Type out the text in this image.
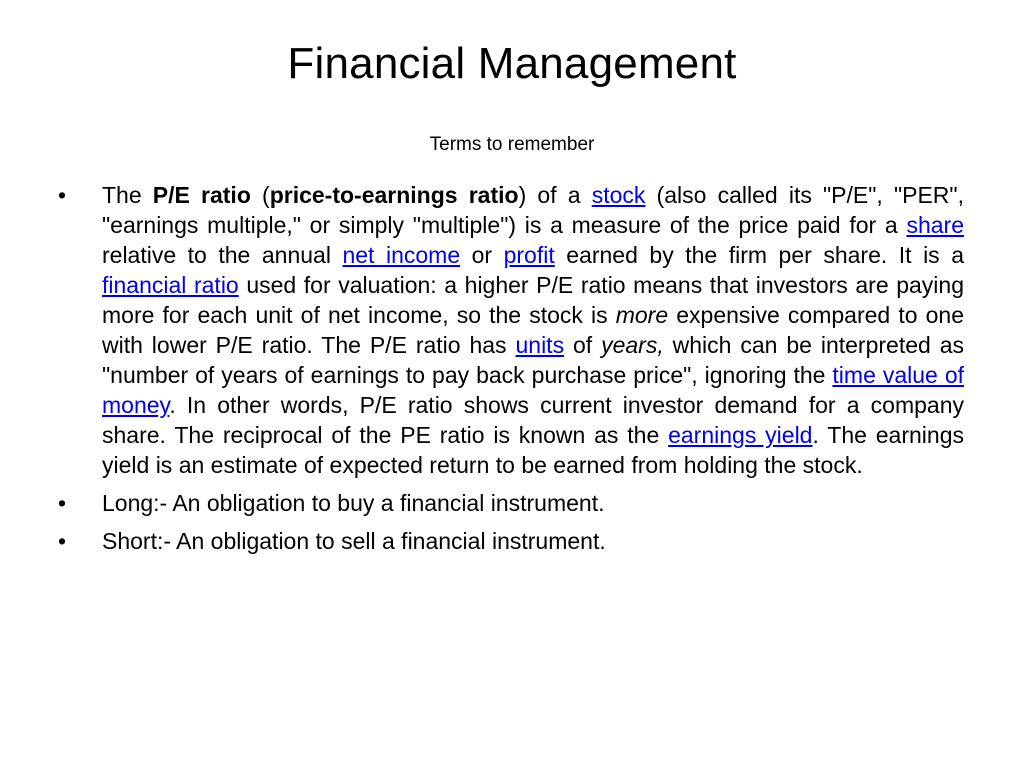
Financial Management
Terms to remember
•	The P/E ratio (price-to-earnings ratio) of a stock (also called its "P/E", "PER", "earnings multiple," or simply "multiple") is a measure of the price paid for a share relative to the annual net income or profit earned by the firm per share. It is a financial ratio used for valuation: a higher P/E ratio means that investors are paying more for each unit of net income, so the stock is more expensive compared to one with lower P/E ratio. The P/E ratio has units of years, which can be interpreted as "number of years of earnings to pay back purchase price", ignoring the time value of money. In other words, P/E ratio shows current investor demand for a company share. The reciprocal of the PE ratio is known as the earnings yield. The earnings yield is an estimate of expected return to be earned from holding the stock.
•	Long:- An obligation to buy a financial instrument.
•	Short:- An obligation to sell a financial instrument.
